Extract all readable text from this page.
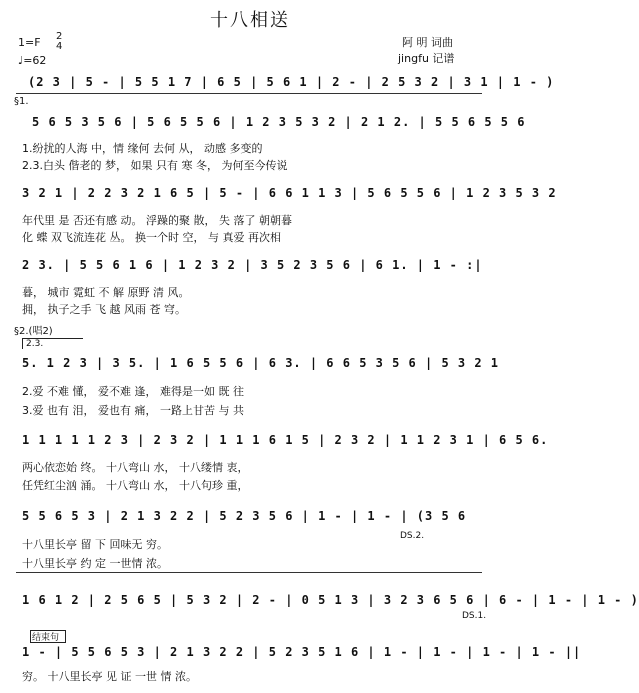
十八相送
1=F 2
4
♩=62
阿 明 词曲
jingfu 记谱
(2 3 | 5 - | 5 5 1 7 | 6 5 | 5 6 1 | 2 - | 2 5 3 2 | 3 1 | 1 - )
§1.
5 6 5 3 5 6 | 5 6 5 5 6 | 1 2 3 5 3 2 | 2 1 2. | 5 5 6 5 5 6
1.纷扰的人海 中，情 缘何 去何 从， 动感 多变的
2.3.白头 偕老的 梦， 如果 只有 寒 冬， 为何至今传说
3 2 1 | 2 2 3 2 1 6 5 | 5 - | 6 6 1 1 3 | 5 6 5 5 6 | 1 2 3 5 3 2
年代里 是 否还有感 动。 浮躁的聚 散， 失 落了 朝朝暮
化 蝶 双飞流连花 丛。 换一个时 空， 与 真爱 再次相
2 3. | 5 5 6 1 6 | 1 2 3 2 | 3 5 2 3 5 6 | 6 1. | 1 - :|
暮， 城市 霓虹 不 解 原野 清 风。
拥， 执子之手 飞 越 风雨 苍 穹。
§2.(唱2)
2.3.
5. 1 2 3 | 3 5. | 1 6 5 5 6 | 6 3. | 6 6 5 3 5 6 | 5 3 2 1
2.爱 不难 懂， 爱不难 逢， 难得是一如 既 往
3.爱 也有 泪， 爱也有 痛， 一路上甘苦 与 共
1 1 1 1 1 2 3 | 2 3 2 | 1 1 1 6 1 5 | 2 3 2 | 1 1 2 3 1 | 6 5 6.
两心依恋始 终。 十八弯山 水， 十八缕情 衷，
任凭红尘汹 涌。 十八弯山 水， 十八句珍 重，
5 5 6 5 3 | 2 1 3 2 2 | 5 2 3 5 6 | 1 - | 1 - | (3 5 6
十八里长亭 留 下 回味无 穷。
十八里长亭 约 定 一世情 浓。
DS.2.
1 6 1 2 | 2 5 6 5 | 5 3 2 | 2 - | 0 5 1 3 | 3 2 3 6 5 6 | 6 - | 1 - | 1 - )
DS.1.
结束句
1 - | 5 5 6 5 3 | 2 1 3 2 2 | 5 2 3 5 1 6 | 1 - | 1 - | 1 - | 1 - ||
穷。 十八里长亭 见 证 一世 情 浓。
